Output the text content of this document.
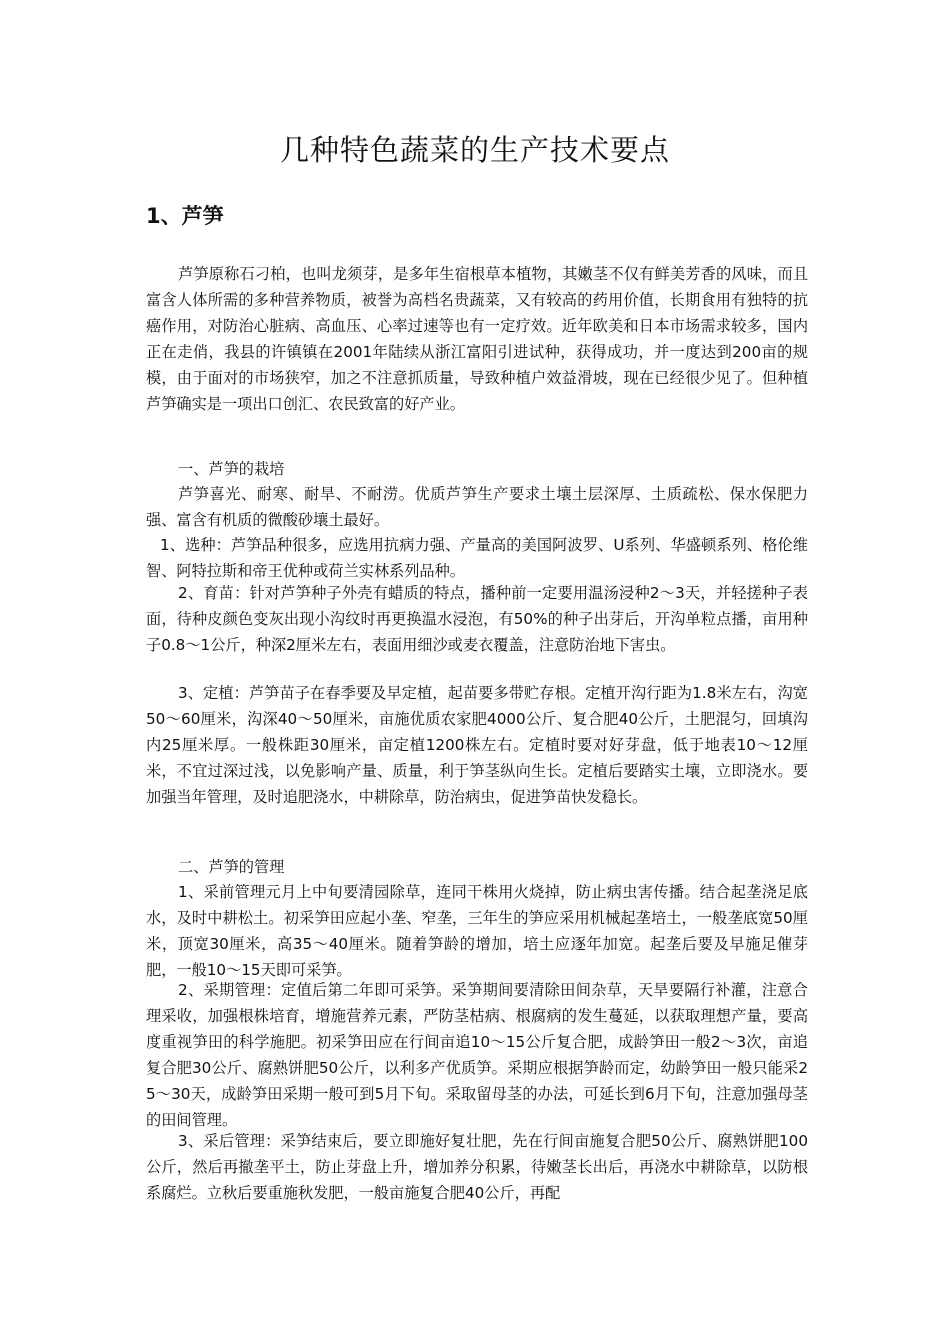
几种特色蔬菜的生产技术要点
1、芦笋

芦笋原称石刁柏，也叫龙须芽，是多年生宿根草本植物，其嫩茎不仅有鲜美芳香的风味，而且富含人体所需的多种营养物质，被誉为高档名贵蔬菜，又有较高的药用价值，长期食用有独特的抗癌作用，对防治心脏病、高血压、心率过速等也有一定疗效。近年欧美和日本市场需求较多，国内正在走俏，我县的许镇镇在2001年陆续从浙江富阳引进试种，获得成功，并一度达到200亩的规模，由于面对的市场狭窄，加之不注意抓质量，导致种植户效益滑坡，现在已经很少见了。但种植芦笋确实是一项出口创汇、农民致富的好产业。

一、芦笋的栽培

芦笋喜光、耐寒、耐旱、不耐涝。优质芦笋生产要求土壤土层深厚、土质疏松、保水保肥力强、富含有机质的微酸砂壤土最好。

1、选种：芦笋品种很多，应选用抗病力强、产量高的美国阿波罗、U系列、华盛顿系列、格伦维智、阿特拉斯和帝王优种或荷兰实林系列品种。

2、育苗：针对芦笋种子外壳有蜡质的特点，播种前一定要用温汤浸种2～3天，并轻搓种子表面，待种皮颜色变灰出现小沟纹时再更换温水浸泡，有50%的种子出芽后，开沟单粒点播，亩用种子0.8～1公斤，种深2厘米左右，表面用细沙或麦衣覆盖，注意防治地下害虫。

3、定植：芦笋苗子在春季要及早定植，起苗要多带贮存根。定植开沟行距为1.8米左右，沟宽50～60厘米，沟深40～50厘米，亩施优质农家肥4000公斤、复合肥40公斤，土肥混匀，回填沟内25厘米厚。一般株距30厘米，亩定植1200株左右。定植时要对好芽盘，低于地表10～12厘米，不宜过深过浅，以免影响产量、质量，利于笋茎纵向生长。定植后要踏实土壤，立即浇水。要加强当年管理，及时追肥浇水，中耕除草，防治病虫，促进笋苗快发稳长。

二、芦笋的管理

1、采前管理元月上中旬要清园除草，连同干株用火烧掉，防止病虫害传播。结合起垄浇足底水，及时中耕松土。初采笋田应起小垄、窄垄，三年生的笋应采用机械起垄培土，一般垄底宽50厘米，顶宽30厘米，高35～40厘米。随着笋龄的增加，培土应逐年加宽。起垄后要及早施足催芽肥，一般10～15天即可采笋。

2、采期管理：定值后第二年即可采笋。采笋期间要清除田间杂草，天旱要隔行补灌，注意合理采收，加强根株培育，增施营养元素，严防茎枯病、根腐病的发生蔓延，以获取理想产量，要高度重视笋田的科学施肥。初采笋田应在行间亩追10～15公斤复合肥，成龄笋田一般2～3次，亩追复合肥30公斤、腐熟饼肥50公斤，以利多产优质笋。采期应根据笋龄而定，幼龄笋田一般只能采25～30天，成龄笋田采期一般可到5月下旬。采取留母茎的办法，可延长到6月下旬，注意加强母茎的田间管理。

3、采后管理：采笋结束后，要立即施好复壮肥，先在行间亩施复合肥50公斤、腐熟饼肥100公斤，然后再撤垄平土，防止芽盘上升，增加养分积累，待嫩茎长出后，再浇水中耕除草，以防根系腐烂。立秋后要重施秋发肥，一般亩施复合肥40公斤，再配
